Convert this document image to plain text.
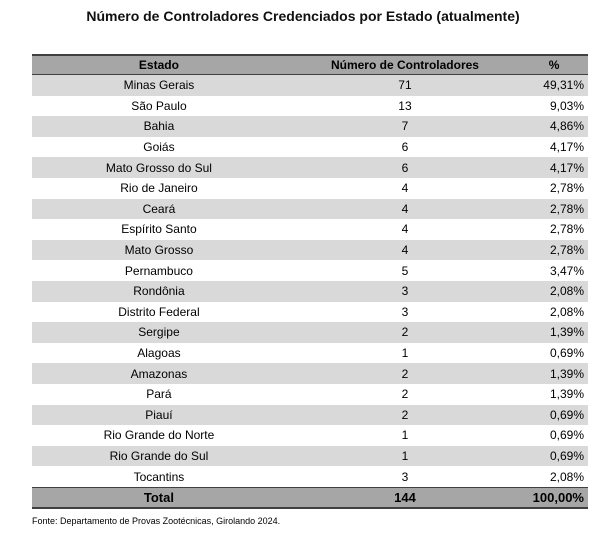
Número de Controladores Credenciados por Estado (atualmente)
Estado	Número de Controladores	%
Minas Gerais	71	49,31%
São Paulo	13	9,03%
Bahia	7	4,86%
Goiás	6	4,17%
Mato Grosso do Sul	6	4,17%
Rio de Janeiro	4	2,78%
Ceará	4	2,78%
Espírito Santo	4	2,78%
Mato Grosso	4	2,78%
Pernambuco	5	3,47%
Rondônia	3	2,08%
Distrito Federal	3	2,08%
Sergipe	2	1,39%
Alagoas	1	0,69%
Amazonas	2	1,39%
Pará	2	1,39%
Piauí	2	0,69%
Rio Grande do Norte	1	0,69%
Rio Grande do Sul	1	0,69%
Tocantins	3	2,08%
Total	144	100,00%
Fonte: Departamento de Provas Zootécnicas, Girolando 2024.
